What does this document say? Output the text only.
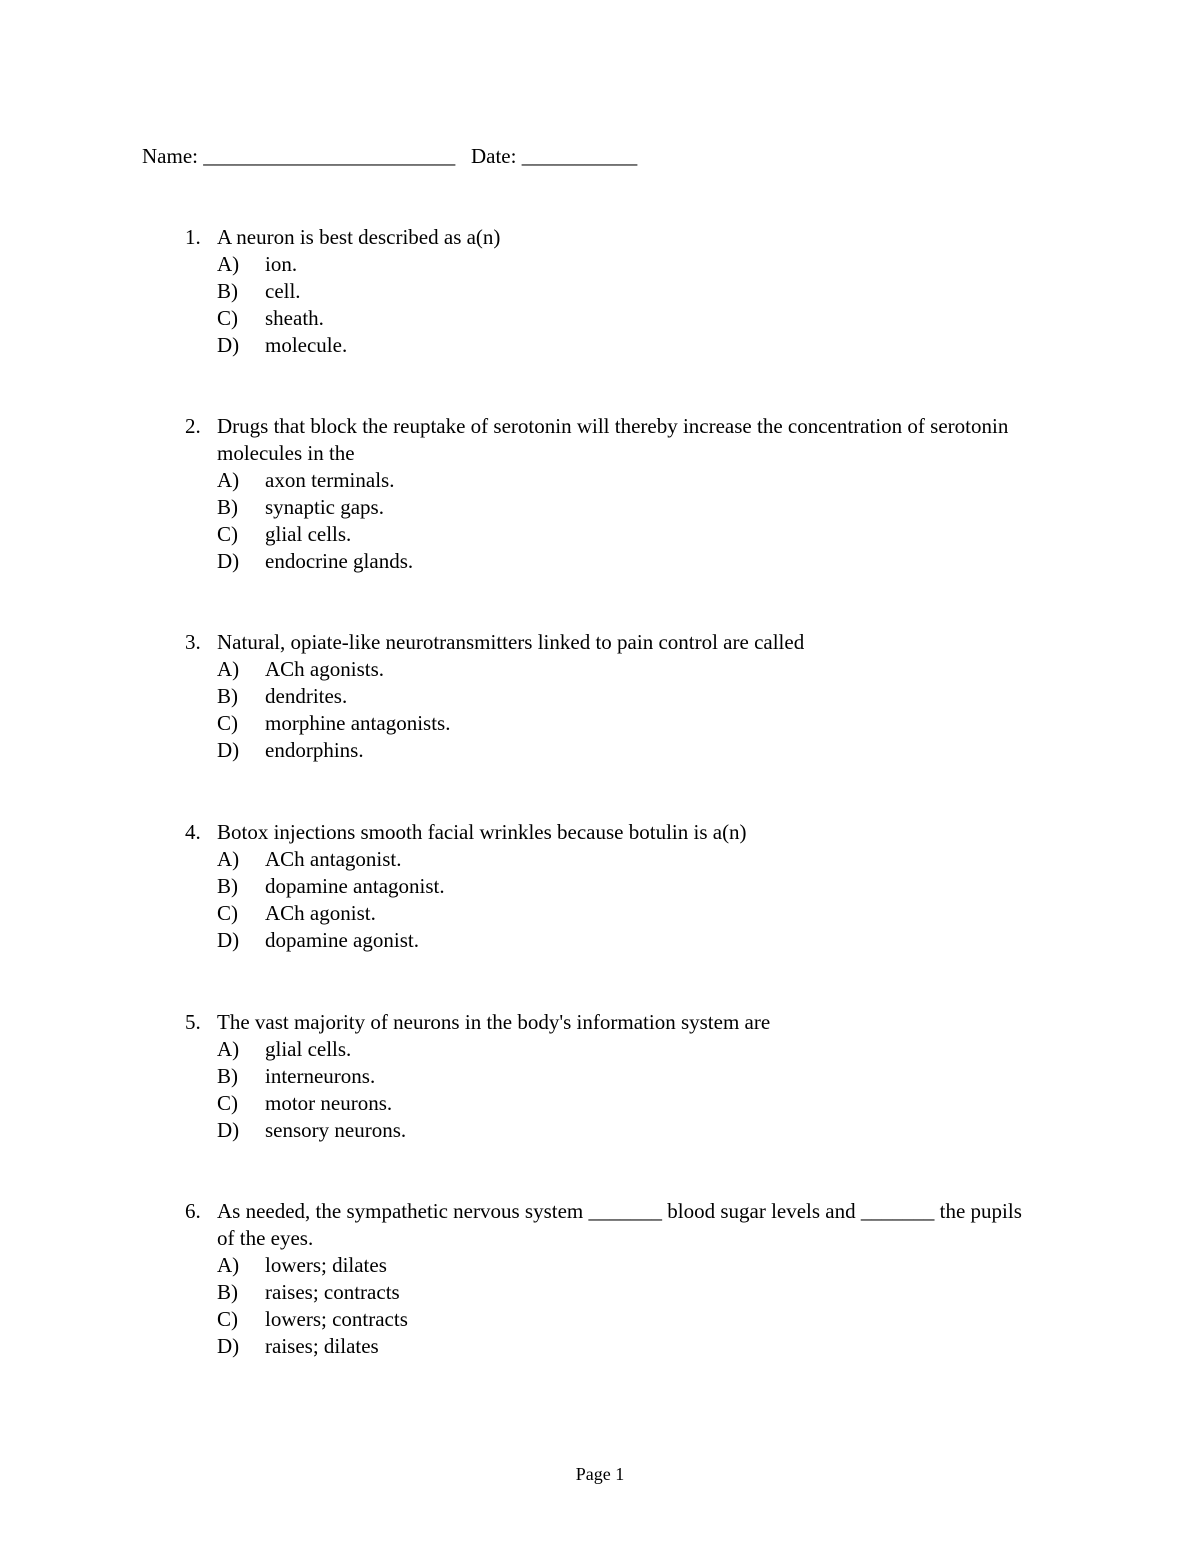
Name: ________________________ Date: ___________
1. A neuron is best described as a(n)
A) ion.
B) cell.
C) sheath.
D) molecule.
2. Drugs that block the reuptake of serotonin will thereby increase the concentration of serotonin molecules in the
A) axon terminals.
B) synaptic gaps.
C) glial cells.
D) endocrine glands.
3. Natural, opiate-like neurotransmitters linked to pain control are called
A) ACh agonists.
B) dendrites.
C) morphine antagonists.
D) endorphins.
4. Botox injections smooth facial wrinkles because botulin is a(n)
A) ACh antagonist.
B) dopamine antagonist.
C) ACh agonist.
D) dopamine agonist.
5. The vast majority of neurons in the body's information system are
A) glial cells.
B) interneurons.
C) motor neurons.
D) sensory neurons.
6. As needed, the sympathetic nervous system _______ blood sugar levels and _______ the pupils of the eyes.
A) lowers; dilates
B) raises; contracts
C) lowers; contracts
D) raises; dilates
Page 1
